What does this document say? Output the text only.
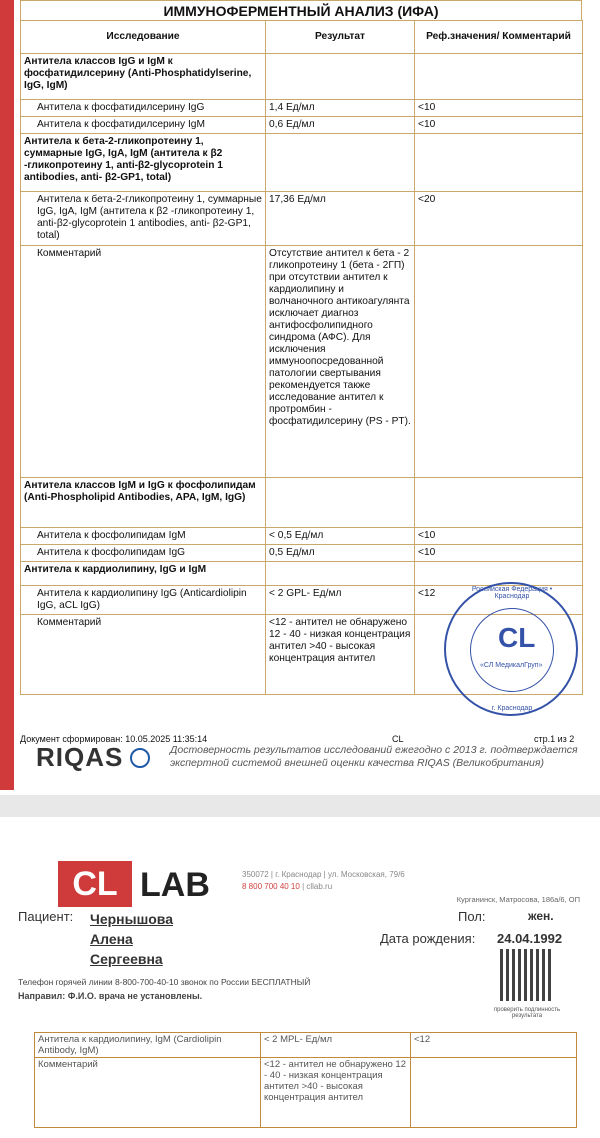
ИММУНОФЕРМЕНТНЫЙ АНАЛИЗ (ИФА)
Исследование	Результат	Реф.значения/ Комментарий
Антитела классов IgG и IgM к фосфатидилсерину (Anti-Phosphatidylserine, IgG, IgM)		
Антитела к фосфатидилсерину IgG	1,4 Ед/мл	<10
Антитела к фосфатидилсерину IgM	0,6 Ед/мл	<10
Антитела к бета-2-гликопротеину 1, суммарные IgG, IgA, IgM (антитела к β2 -гликопротеину 1, anti-β2-glycoprotein 1 antibodies, anti- β2-GP1, total)		
Антитела к бета-2-гликопротеину 1, суммарные IgG, IgA, IgM (антитела к β2 -гликопротеину 1, anti-β2-glycoprotein 1 antibodies, anti- β2-GP1, total)	17,36 Ед/мл	<20
Комментарий	Отсутствие антител к бета - 2 гликопротеину 1 (бета - 2ГП) при отсутствии антител к кардиолипину и волчаночного антикоагулянта исключает диагноз антифосфолипидного синдрома (АФС). Для исключения иммуноопосредованной патологии свертывания рекомендуется также исследование антител к протромбин - фосфатидилсерину (PS - PT).	
Антитела классов IgM и IgG к фосфолипидам (Anti-Phospholipid Antibodies, APA, IgM, IgG)		
Антитела к фосфолипидам IgM	< 0,5 Ед/мл	<10
Антитела к фосфолипидам IgG	0,5 Ед/мл	<10
Антитела к кардиолипину, IgG и IgM		
Антитела к кардиолипину IgG (Anticardiolipin IgG, aCL IgG)	< 2 GPL- Ед/мл	<12
Комментарий	<12 - антител не обнаружено 12 - 40 - низкая концентрация антител >40 - высокая концентрация антител	
Российская Федерация • Краснодар
CL
«СЛ МедикалГруп»
г. Краснодар
Документ сформирован: 10.05.2025 11:35:14	CL	стр.1 из 2
RIQAS	Достоверность результатов исследований ежегодно с 2013 г. подтверждается экспертной системой внешней оценки качества RIQAS (Великобритания)
CL LAB	350072 | г. Краснодар | ул. Московская, 79/6
8 800 700 40 10 | cllab.ru
Курганинск, Матросова, 186а/6, ОП
Пациент: Чернышова
Алена
Сергеевна
Пол:	жен.
Дата рождения: 24.04.1992
проверить подлинность результата
Телефон горячей линии 8-800-700-40-10 звонок по России БЕСПЛАТНЫЙ
Направил: Ф.И.О. врача не установлены.
Антитела к кардиолипину, IgM (Cardiolipin Antibody, IgM)	< 2 MPL- Ед/мл	<12
Комментарий	<12 - антител не обнаружено 12 - 40 - низкая концентрация антител >40 - высокая концентрация антител	
